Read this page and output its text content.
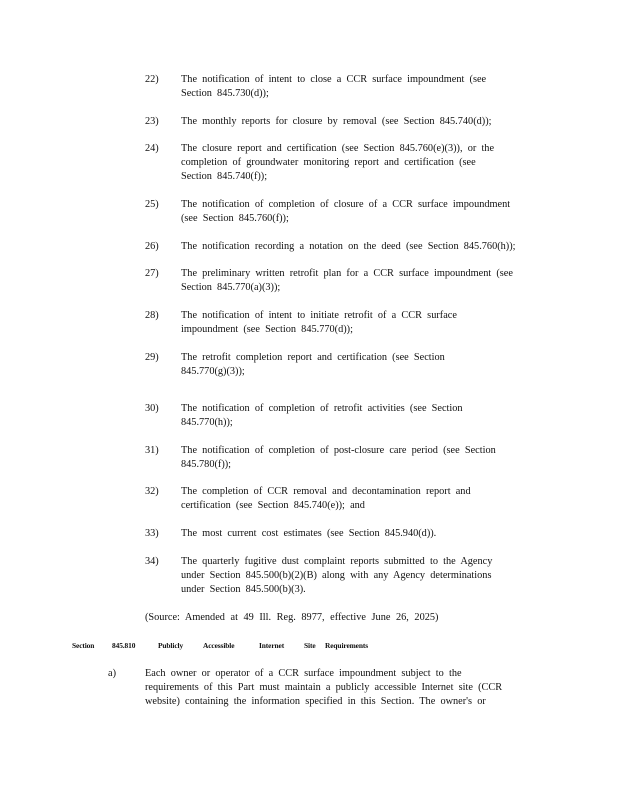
22) The notification of intent to close a CCR surface impoundment (see
Section 845.730(d));
23) The monthly reports for closure by removal (see Section 845.740(d));
24) The closure report and certification (see Section 845.760(e)(3)), or the
completion of groundwater monitoring report and certification (see
Section 845.740(f));
25) The notification of completion of closure of a CCR surface impoundment
(see Section 845.760(f));
26) The notification recording a notation on the deed (see Section 845.760(h));
27) The preliminary written retrofit plan for a CCR surface impoundment (see
Section 845.770(a)(3));
28) The notification of intent to initiate retrofit of a CCR surface
impoundment (see Section 845.770(d));
29) The retrofit completion report and certification (see Section
845.770(g)(3));
30) The notification of completion of retrofit activities (see Section
845.770(h));
31) The notification of completion of post-closure care period (see Section
845.780(f));
32) The completion of CCR removal and decontamination report and
certification (see Section 845.740(e)); and
33) The most current cost estimates (see Section 845.940(d)).
34) The quarterly fugitive dust complaint reports submitted to the Agency
under Section 845.500(b)(2)(B) along with any Agency determinations
under Section 845.500(b)(3).
(Source: Amended at 49 Ill. Reg. 8977, effective June 26, 2025)
Section 845.810	Publicly	Accessible	Internet	Site Requirements
a)	Each owner or operator of a CCR surface impoundment subject to the
requirements of this Part must maintain a publicly accessible Internet site (CCR
website) containing the information specified in this Section. The owner's or
